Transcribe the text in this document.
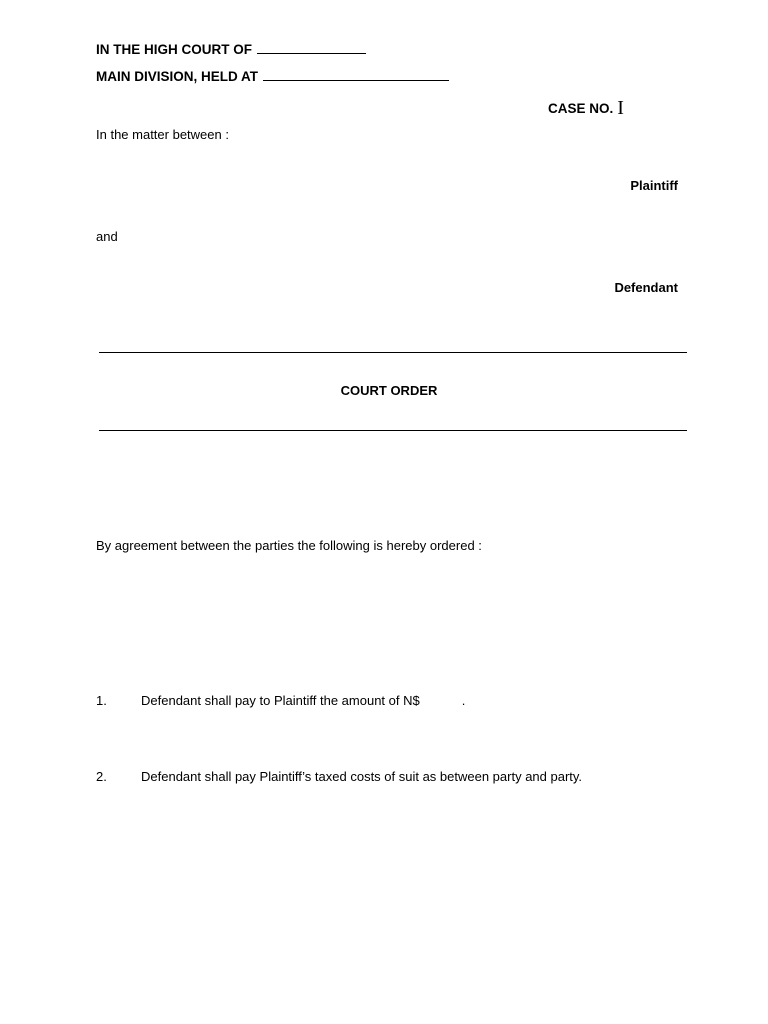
IN THE HIGH COURT OF
MAIN DIVISION, HELD AT
CASE NO. I
In the matter between :
Plaintiff
and
Defendant
COURT ORDER
By agreement between the parties the following is hereby ordered :
1.	Defendant shall pay to Plaintiff the amount of N$	.
2.	Defendant shall pay Plaintiff’s taxed costs of suit as between party and party.
